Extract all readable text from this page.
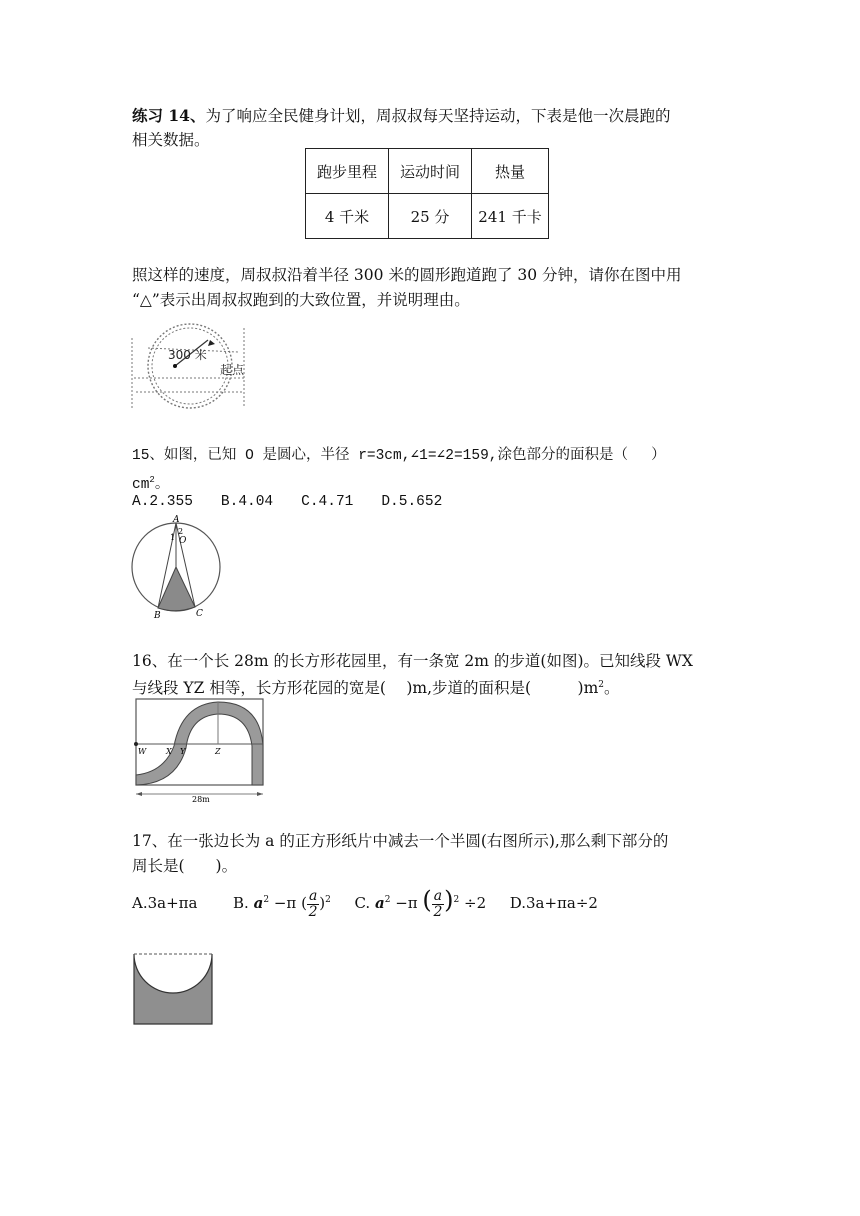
练习 14、为了响应全民健身计划，周叔叔每天坚持运动，下表是他一次晨跑的

相关数据。

跑步里程	运动时间	热量
4 千米	25 分	241 千卡

照这样的速度，周叔叔沿着半径 300 米的圆形跑道跑了 30 分钟，请你在图中用

“△”表示出周叔叔跑到的大致位置，并说明理由。

300 米
起点

15、如图，已知 O 是圆心，半径 r=3cm,∠1=∠2=159,涂色部分的面积是（　 ）

$cm^2$。

A.2.355 B.4.04 C.4.71 D.5.652

A
O
1
2
B	C

16、在一个长 28m 的长方形花园里，有一条宽 2m 的步道(如图)。已知线段 WX

与线段 YZ 相等，长方形花园的宽是(　 )m,步道的面积是(　　　)$m^2$。

W X Y	Z
28m

17、在一张边长为 a 的正方形纸片中减去一个半圆(右图所示),那么剩下部分的

周长是(　　)。

A.3a+πa B. $a^2 -\pi$ ( $\frac{a}{2} )^2$ C. $a^2 -\pi$ ( $\frac{a}{2} )^2 \div 2$ D.3a+πa÷2
